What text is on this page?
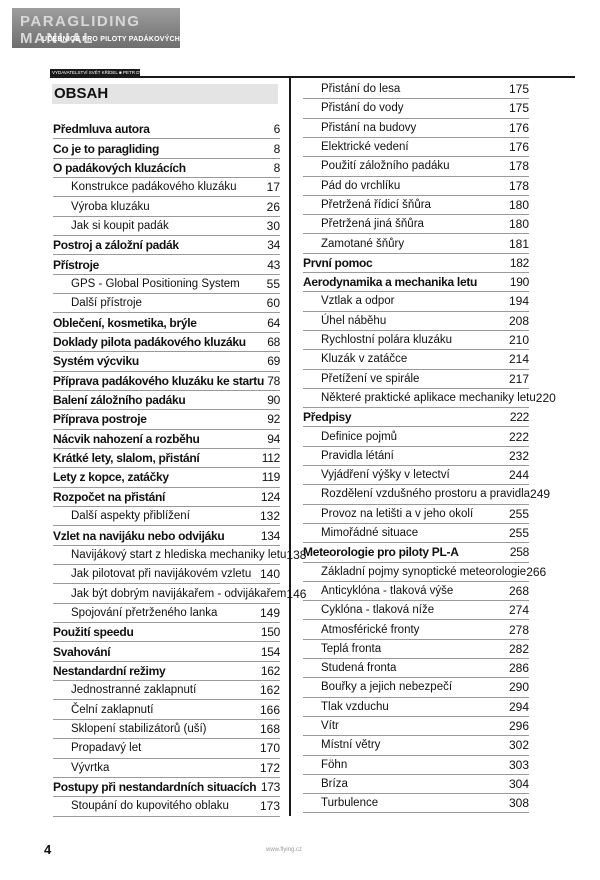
PARAGLIDING MANUAL
UČEBNICE PRO PILOTY PADÁKOVÝCH KLUZÁKŮ
VYDAVATELSTVÍ SVĚT KŘÍDEL ■ PETR DVOŘÁK
OBSAH
Předmluva autora	6
Co je to paragliding	8
O padákových kluzácích	8
Konstrukce padákového kluzáku	17
Výroba kluzáku	26
Jak si koupit padák	30
Postroj a záložní padák	34
Přístroje	43
GPS - Global Positioning System	55
Další přístroje	60
Oblečení, kosmetika, brýle	64
Doklady pilota padákového kluzáku	68
Systém výcviku	69
Příprava padákového kluzáku ke startu 78
Balení záložního padáku	90
Příprava postroje	92
Nácvik nahození a rozběhu	94
Krátké lety, slalom, přistání	112
Lety z kopce, zatáčky	119
Rozpočet na přistání	124
Další aspekty přiblížení	132
Vzlet na navijáku nebo odvijáku	134
Navijákový start z hlediska mechaniky letu 138
Jak pilotovat při navijákovém vzletu 140
Jak být dobrým navijákařem - odvijákařem 146
Spojování přetrženého lanka	149
Použití speedu	150
Svahování	154
Nestandardní režimy	162
Jednostranné zaklapnutí	162
Čelní zaklapnutí	166
Sklopení stabilizátorů (uší)	168
Propadavý let	170
Vývrtka	172
Postupy při nestandardních situacích 173
Stoupání do kupovitého oblaku	173
Přistání do lesa	175
Přistání do vody	175
Přistání na budovy	176
Elektrické vedení	176
Použití záložního padáku	178
Pád do vrchlíku	178
Přetržená řídicí šňůra	180
Přetržená jiná šňůra	180
Zamotané šňůry	181
První pomoc	182
Aerodynamika a mechanika letu	190
Vztlak a odpor	194
Úhel náběhu	208
Rychlostní polára kluzáku	210
Kluzák v zatáčce	214
Přetížení ve spirále	217
Některé praktické aplikace mechaniky letu 220
Předpisy	222
Definice pojmů	222
Pravidla létání	232
Vyjádření výšky v letectví	244
Rozdělení vzdušného prostoru a pravidla 249
Provoz na letišti a v jeho okolí	255
Mimořádné situace	255
Meteorologie pro piloty PL-A	258
Základní pojmy synoptické meteorologie 266
Anticyklóna - tlaková výše	268
Cyklóna - tlaková níže	274
Atmosférické fronty	278
Teplá fronta	282
Studená fronta	286
Bouřky a jejich nebezpečí	290
Tlak vzduchu	294
Vítr	296
Místní větry	302
Föhn	303
Bríza	304
Turbulence	308
4	www.flying.cz
